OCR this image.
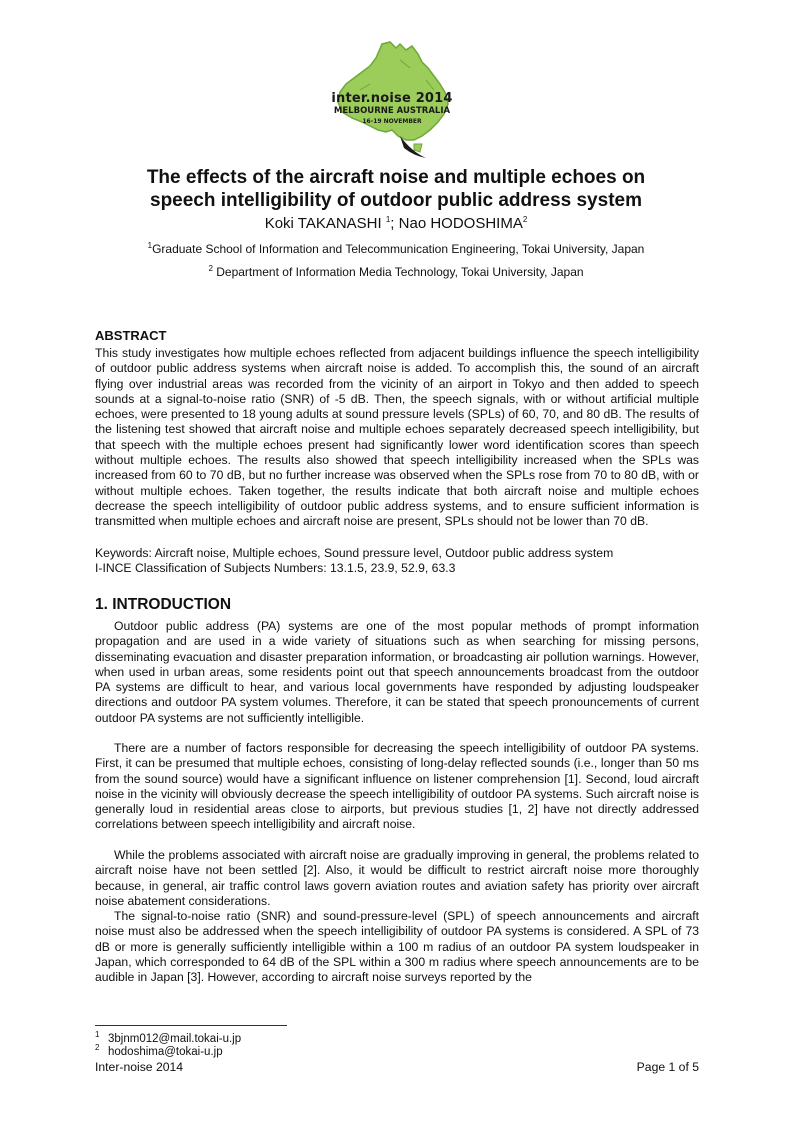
inter.noise 2014
MELBOURNE AUSTRALIA
16-19 NOVEMBER
The effects of the aircraft noise and multiple echoes on
speech intelligibility of outdoor public address system

Koki TAKANASHI $^1$; Nao HODOSHIMA$^2$

$^1$Graduate School of Information and Telecommunication Engineering, Tokai University, Japan

$^2$ Department of Information Media Technology, Tokai University, Japan

ABSTRACT

This study investigates how multiple echoes reflected from adjacent buildings influence the speech intelligibility of outdoor public address systems when aircraft noise is added. To accomplish this, the sound of an aircraft flying over industrial areas was recorded from the vicinity of an airport in Tokyo and then added to speech sounds at a signal-to-noise ratio (SNR) of -5 dB. Then, the speech signals, with or without artificial multiple echoes, were presented to 18 young adults at sound pressure levels (SPLs) of 60, 70, and 80 dB. The results of the listening test showed that aircraft noise and multiple echoes separately decreased speech intelligibility, but that speech with the multiple echoes present had significantly lower word identification scores than speech without multiple echoes. The results also showed that speech intelligibility increased when the SPLs was increased from 60 to 70 dB, but no further increase was observed when the SPLs rose from 70 to 80 dB, with or without multiple echoes. Taken together, the results indicate that both aircraft noise and multiple echoes decrease the speech intelligibility of outdoor public address systems, and to ensure sufficient information is transmitted when multiple echoes and aircraft noise are present, SPLs should not be lower than 70 dB.

Keywords: Aircraft noise, Multiple echoes, Sound pressure level, Outdoor public address system
I-INCE Classification of Subjects Numbers: 13.1.5, 23.9, 52.9, 63.3

1. INTRODUCTION

Outdoor public address (PA) systems are one of the most popular methods of prompt information propagation and are used in a wide variety of situations such as when searching for missing persons, disseminating evacuation and disaster preparation information, or broadcasting air pollution warnings. However, when used in urban areas, some residents point out that speech announcements broadcast from the outdoor PA systems are difficult to hear, and various local governments have responded by adjusting loudspeaker directions and outdoor PA system volumes. Therefore, it can be stated that speech pronouncements of current outdoor PA systems are not sufficiently intelligible.

There are a number of factors responsible for decreasing the speech intelligibility of outdoor PA systems. First, it can be presumed that multiple echoes, consisting of long-delay reflected sounds (i.e., longer than 50 ms from the sound source) would have a significant influence on listener comprehension [1]. Second, loud aircraft noise in the vicinity will obviously decrease the speech intelligibility of outdoor PA systems. Such aircraft noise is generally loud in residential areas close to airports, but previous studies [1, 2] have not directly addressed correlations between speech intelligibility and aircraft noise.

While the problems associated with aircraft noise are gradually improving in general, the problems related to aircraft noise have not been settled [2]. Also, it would be difficult to restrict aircraft noise more thoroughly because, in general, air traffic control laws govern aviation routes and aviation safety has priority over aircraft noise abatement considerations.

The signal-to-noise ratio (SNR) and sound-pressure-level (SPL) of speech announcements and aircraft noise must also be addressed when the speech intelligibility of outdoor PA systems is considered. A SPL of 73 dB or more is generally sufficiently intelligible within a 100 m radius of an outdoor PA system loudspeaker in Japan, which corresponded to 64 dB of the SPL within a 300 m radius where speech announcements are to be audible in Japan [3]. However, according to aircraft noise surveys reported by the

1 3bjnm012@mail.tokai-u.jp

2 hodoshima@tokai-u.jp

Inter-noise 2014	Page 1 of 5
